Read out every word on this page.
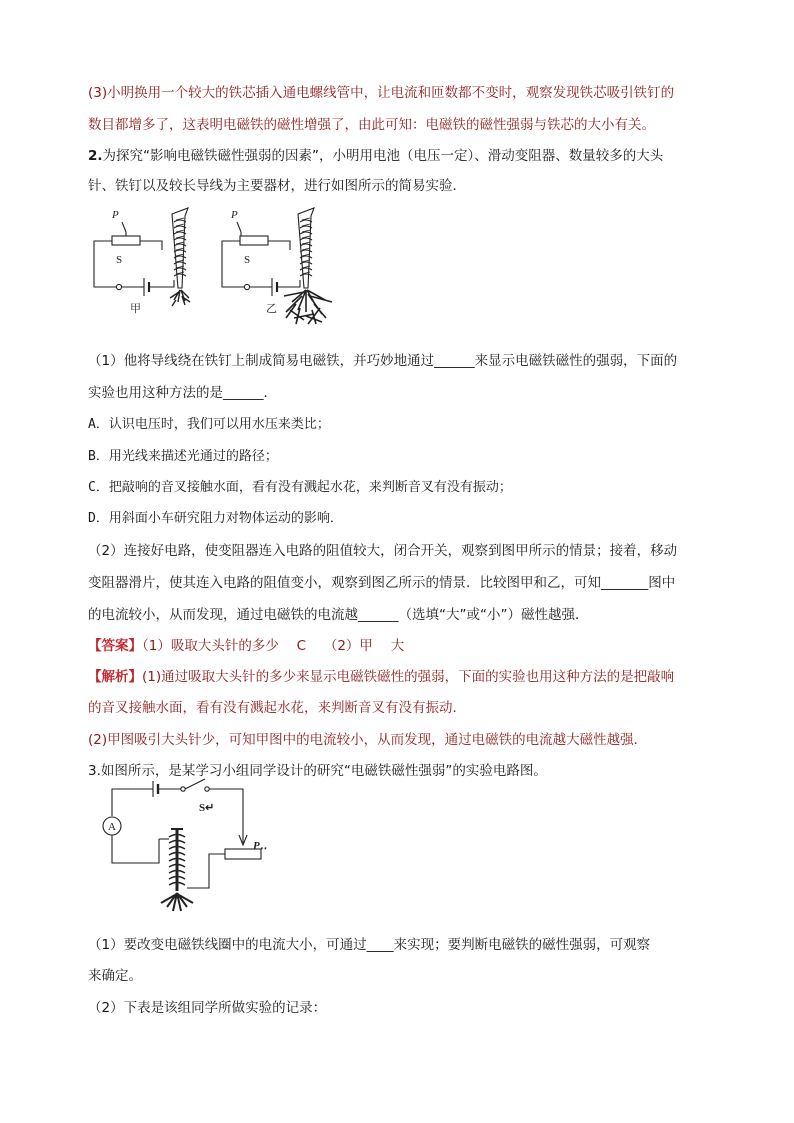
(3)小明换用一个较大的铁芯插入通电螺线管中，让电流和匝数都不变时，观察发现铁芯吸引铁钉的
数目都增多了，这表明电磁铁的磁性增强了，由此可知：电磁铁的磁性强弱与铁芯的大小有关。
2.为探究“影响电磁铁磁性强弱的因素”，小明用电池（电压一定）、滑动变阻器、数量较多的大头
针、铁钉以及较长导线为主要器材，进行如图所示的简易实验．
P
S
甲
P
S
乙
（1）他将导线绕在铁钉上制成简易电磁铁，并巧妙地通过______来显示电磁铁磁性的强弱，下面的
实验也用这种方法的是______．
A．认识电压时，我们可以用水压来类比；
B．用光线来描述光通过的路径；
C．把敲响的音叉接触水面，看有没有溅起水花，来判断音叉有没有振动；
D．用斜面小车研究阻力对物体运动的影响．
（2）连接好电路，使变阻器连入电路的阻值较大，闭合开关，观察到图甲所示的情景；接着，移动
变阻器滑片，使其连入电路的阻值变小，观察到图乙所示的情景．比较图甲和乙，可知_______图中
的电流较小，从而发现，通过电磁铁的电流越______（选填“大”或“小”）磁性越强．
【答案】（1）吸取大头针的多少　 C　 （2）甲　 大
【解析】(1)通过吸取大头针的多少来显示电磁铁磁性的强弱，下面的实验也用这种方法的是把敲响
的音叉接触水面，看有没有溅起水花，来判断音叉有没有振动．
(2)甲图吸引大头针少，可知甲图中的电流较小，从而发现，通过电磁铁的电流越大磁性越强．
3.如图所示，是某学习小组同学设计的研究“电磁铁磁性强弱”的实验电路图。
A
S↵
P‥
（1）要改变电磁铁线圈中的电流大小，可通过____来实现；要判断电磁铁的磁性强弱，可观察
来确定。
（2）下表是该组同学所做实验的记录：
